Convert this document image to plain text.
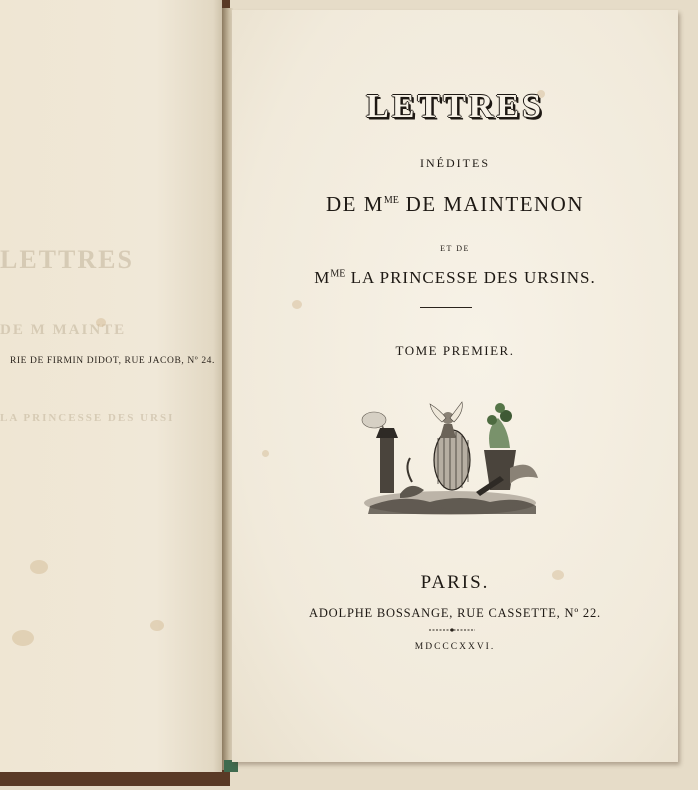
LETTRES
DE M MAINTE
LA PRINCESSE DES URSI
RIE DE FIRMIN DIDOT, RUE JACOB, Nº 24.
LETTRES
INÉDITES
DE $M^{ME}$ DE MAINTENON
ET DE
$M^{ME}$ LA PRINCESSE DES URSINS.
TOME PREMIER.
PARIS.
ADOLPHE BOSSANGE, RUE CASSETTE, Nº 22.
MDCCCXXVI.
